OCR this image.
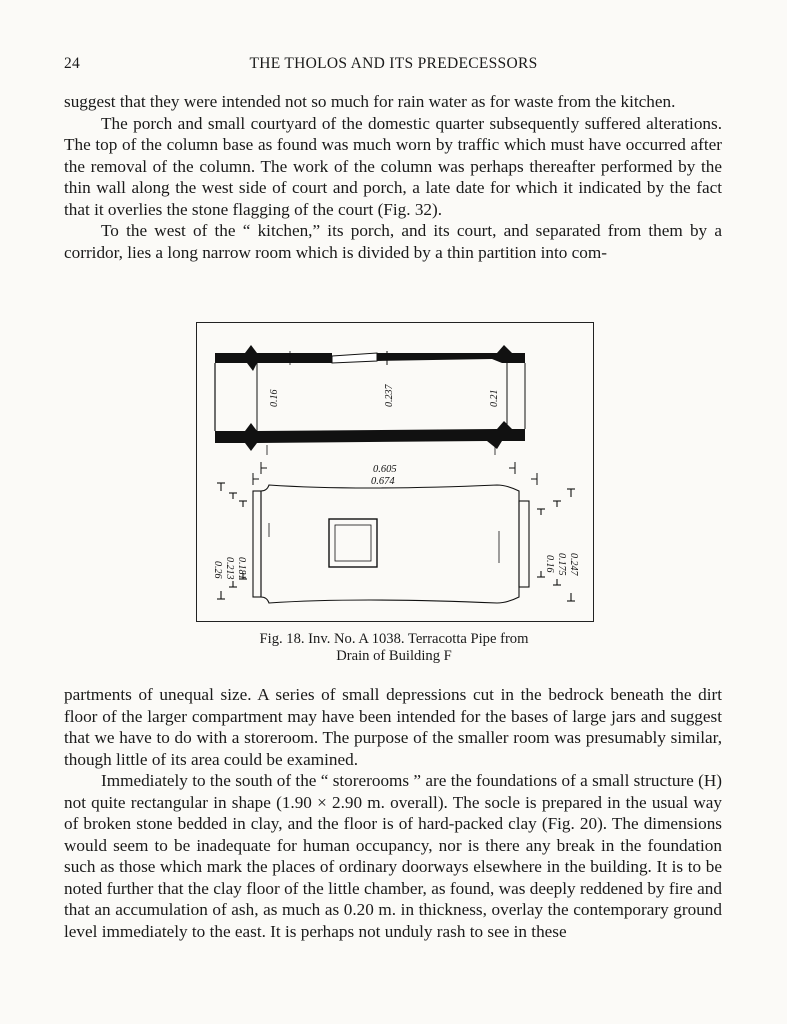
24	THE THOLOS AND ITS PREDECESSORS

suggest that they were intended not so much for rain water as for waste from the kitchen.

The porch and small courtyard of the domestic quarter subsequently suffered alterations. The top of the column base as found was much worn by traffic which must have occurred after the removal of the column. The work of the column was perhaps thereafter performed by the thin wall along the west side of court and porch, a late date for which it indicated by the fact that it overlies the stone flagging of the court (Fig. 32).

To the west of the “ kitchen,” its porch, and its court, and separated from them by a corridor, lies a long narrow room which is divided by a thin partition into com-

0.16	0.237	0.21
0.605
0.674
0.26 0.213 0.181	0.16 0.175 0.247
Fig. 18. Inv. No. A 1038. Terracotta Pipe from
Drain of Building F

partments of unequal size. A series of small depressions cut in the bedrock beneath the dirt floor of the larger compartment may have been intended for the bases of large jars and suggest that we have to do with a storeroom. The purpose of the smaller room was presumably similar, though little of its area could be examined.

Immediately to the south of the “ storerooms ” are the foundations of a small structure (H) not quite rectangular in shape (1.90 × 2.90 m. overall). The socle is prepared in the usual way of broken stone bedded in clay, and the floor is of hard-packed clay (Fig. 20). The dimensions would seem to be inadequate for human occupancy, nor is there any break in the foundation such as those which mark the places of ordinary doorways elsewhere in the building. It is to be noted further that the clay floor of the little chamber, as found, was deeply reddened by fire and that an accumulation of ash, as much as 0.20 m. in thickness, overlay the contemporary ground level immediately to the east. It is perhaps not unduly rash to see in these
